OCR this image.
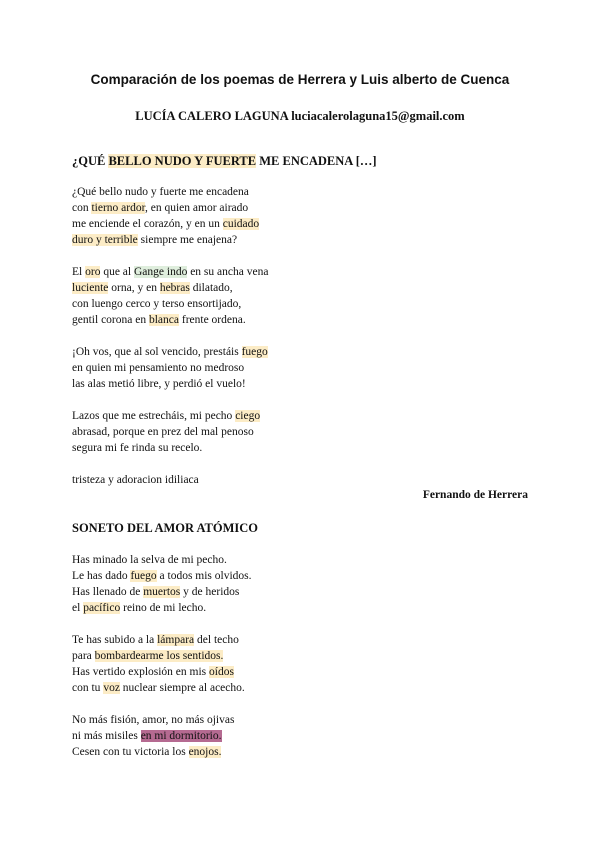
Comparación de los poemas de Herrera y Luis alberto de Cuenca
LUCÍA CALERO LAGUNA luciacalerolaguna15@gmail.com
¿QUÉ BELLO NUDO Y FUERTE ME ENCADENA […]
¿Qué bello nudo y fuerte me encadena
con tierno ardor, en quien amor airado
me enciende el corazón, y en un cuidado
duro y terrible siempre me enajena?
El oro que al Gange indo en su ancha vena
luciente orna, y en hebras dilatado,
con luengo cerco y terso ensortijado,
gentil corona en blanca frente ordena.
¡Oh vos, que al sol vencido, prestáis fuego
en quien mi pensamiento no medroso
las alas metió libre, y perdió el vuelo!
Lazos que me estrecháis, mi pecho ciego
abrasad, porque en prez del mal penoso
segura mi fe rinda su recelo.
tristeza y adoracion idiliaca
Fernando de Herrera
SONETO DEL AMOR ATÓMICO
Has minado la selva de mi pecho.
Le has dado fuego a todos mis olvidos.
Has llenado de muertos y de heridos
el pacífico reino de mi lecho.
Te has subido a la lámpara del techo
para bombardearme los sentidos.
Has vertido explosión en mis oídos
con tu voz nuclear siempre al acecho.
No más fisión, amor, no más ojivas
ni más misiles en mi dormitorio.
Cesen con tu victoria los enojos.
